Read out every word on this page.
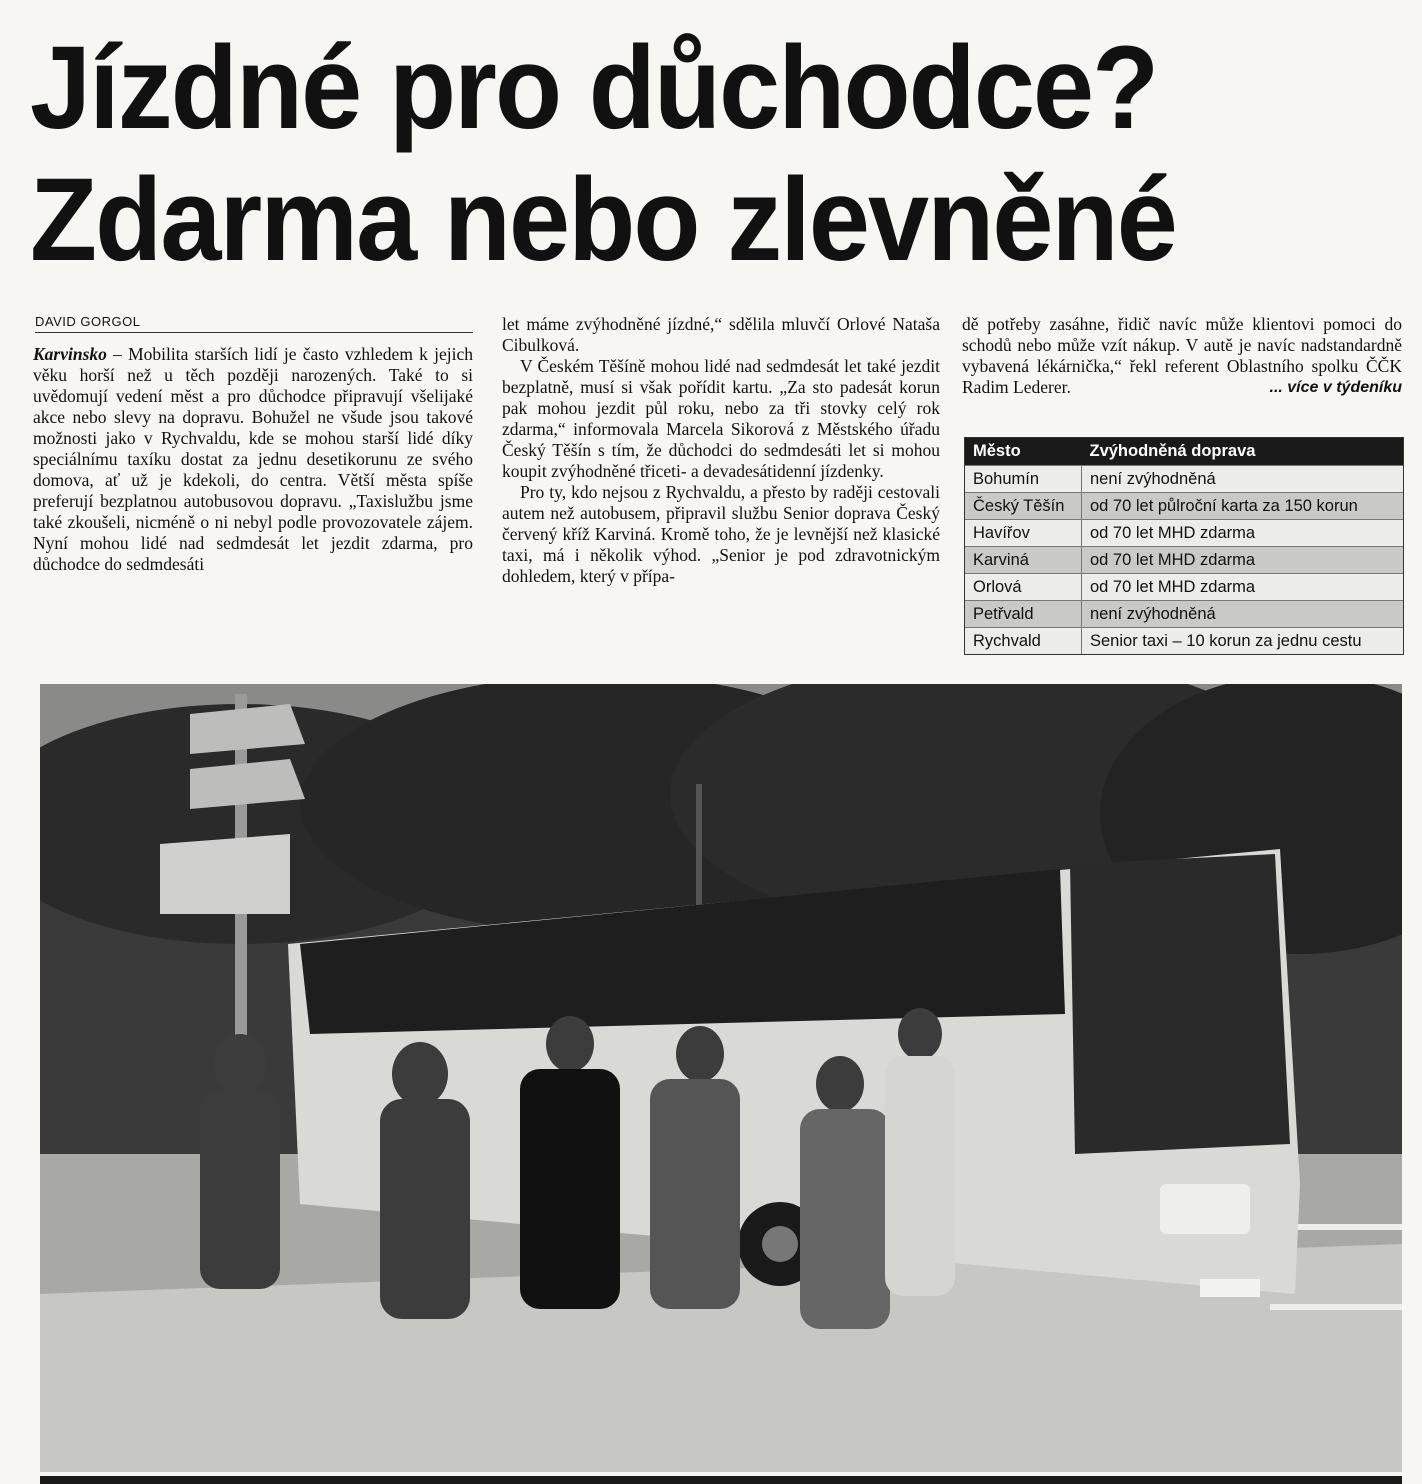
Jízdné pro důchodce?
Zdarma nebo zlevněné
DAVID GORGOL

Karvinsko – Mobilita starších lidí je často vzhledem k jejich věku horší než u těch později narozených. Také to si uvědomují vedení měst a pro důchodce připravují všelijaké akce nebo slevy na dopravu. Bohužel ne všude jsou takové možnosti jako v Rychvaldu, kde se mohou starší lidé díky speciálnímu taxíku dostat za jednu desetikorunu ze svého domova, ať už je kdekoli, do centra. Větší města spíše preferují bezplatnou autobusovou dopravu. „Taxislužbu jsme také zkoušeli, nicméně o ni nebyl podle provozovatele zájem. Nyní mohou lidé nad sedmdesát let jezdit zdarma, pro důchodce do sedmdesáti

let máme zvýhodněné jízdné,“ sdělila mluvčí Orlové Nataša Cibulková.

V Českém Těšíně mohou lidé nad sedmdesát let také jezdit bezplatně, musí si však pořídit kartu. „Za sto padesát korun pak mohou jezdit půl roku, nebo za tři stovky celý rok zdarma,“ informovala Marcela Sikorová z Městského úřadu Český Těšín s tím, že důchodci do sedmdesáti let si mohou koupit zvýhodněné třiceti- a devadesátidenní jízdenky.

Pro ty, kdo nejsou z Rychvaldu, a přesto by raději cestovali autem než autobusem, připravil službu Senior doprava Český červený kříž Karviná. Kromě toho, že je levnější než klasické taxi, má i několik výhod. „Senior je pod zdravotnickým dohledem, který v přípa-

dě potřeby zasáhne, řidič navíc může klientovi pomoci do schodů nebo může vzít nákup. V autě je navíc nadstandardně vybavená lékárnička,“ řekl referent Oblastního spolku ČČK Radim Lederer.	... více v týdeníku
Město	Zvýhodněná doprava
Bohumín	není zvýhodněná
Český Těšín	od 70 let půlroční karta za 150 korun
Havířov	od 70 let MHD zdarma
Karviná	od 70 let MHD zdarma
Orlová	od 70 let MHD zdarma
Petřvald	není zvýhodněná
Rychvald	Senior taxi – 10 korun za jednu cestu
